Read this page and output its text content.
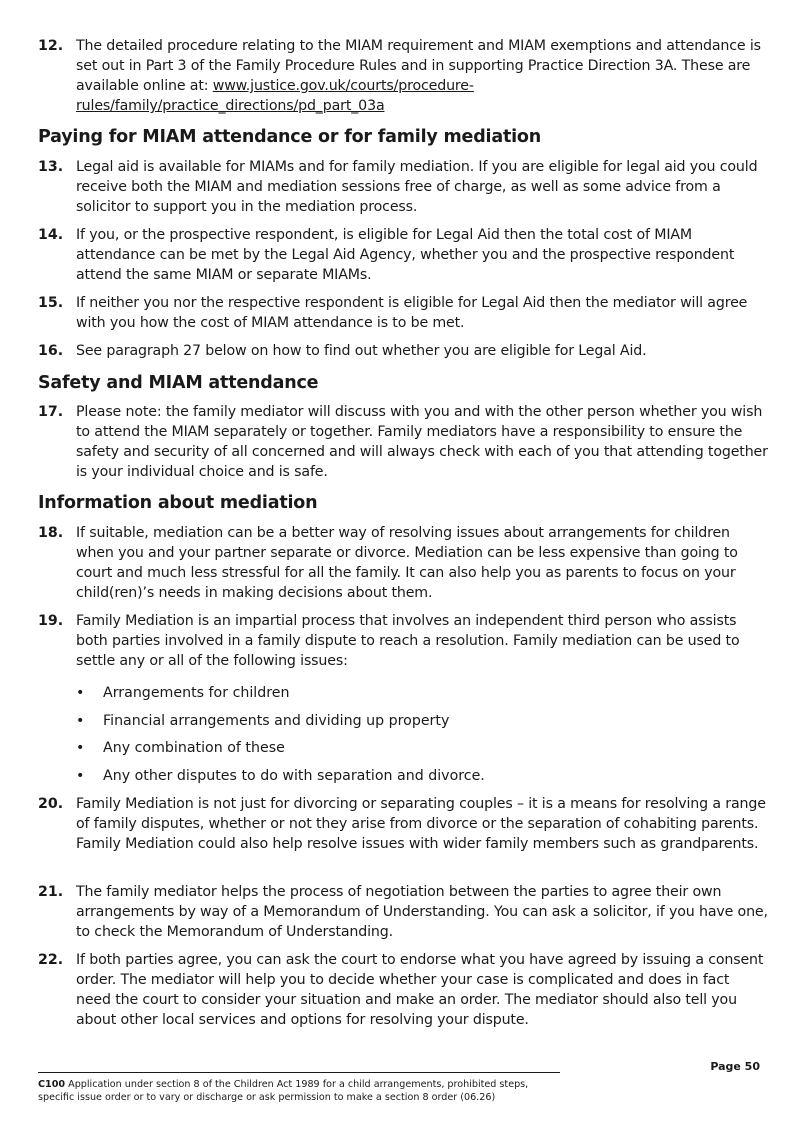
12. The detailed procedure relating to the MIAM requirement and MIAM exemptions and attendance is set out in Part 3 of the Family Procedure Rules and in supporting Practice Direction 3A. These are available online at: www.justice.gov.uk/courts/procedure-rules/family/practice_directions/pd_part_03a
Paying for MIAM attendance or for family mediation
13. Legal aid is available for MIAMs and for family mediation. If you are eligible for legal aid you could receive both the MIAM and mediation sessions free of charge, as well as some advice from a solicitor to support you in the mediation process.
14. If you, or the prospective respondent, is eligible for Legal Aid then the total cost of MIAM attendance can be met by the Legal Aid Agency, whether you and the prospective respondent attend the same MIAM or separate MIAMs.
15. If neither you nor the respective respondent is eligible for Legal Aid then the mediator will agree with you how the cost of MIAM attendance is to be met.
16. See paragraph 27 below on how to find out whether you are eligible for Legal Aid.
Safety and MIAM attendance
17. Please note: the family mediator will discuss with you and with the other person whether you wish to attend the MIAM separately or together. Family mediators have a responsibility to ensure the safety and security of all concerned and will always check with each of you that attending together is your individual choice and is safe.
Information about mediation
18. If suitable, mediation can be a better way of resolving issues about arrangements for children when you and your partner separate or divorce. Mediation can be less expensive than going to court and much less stressful for all the family. It can also help you as parents to focus on your child(ren)’s needs in making decisions about them.
19. Family Mediation is an impartial process that involves an independent third person who assists both parties involved in a family dispute to reach a resolution. Family mediation can be used to settle any or all of the following issues:
• Arrangements for children
• Financial arrangements and dividing up property
• Any combination of these
• Any other disputes to do with separation and divorce.
20. Family Mediation is not just for divorcing or separating couples – it is a means for resolving a range of family disputes, whether or not they arise from divorce or the separation of cohabiting parents. Family Mediation could also help resolve issues with wider family members such as grandparents.
21. The family mediator helps the process of negotiation between the parties to agree their own arrangements by way of a Memorandum of Understanding. You can ask a solicitor, if you have one, to check the Memorandum of Understanding.
22. If both parties agree, you can ask the court to endorse what you have agreed by issuing a consent order. The mediator will help you to decide whether your case is complicated and does in fact need the court to consider your situation and make an order. The mediator should also tell you about other local services and options for resolving your dispute.
Page 50
C100 Application under section 8 of the Children Act 1989 for a child arrangements, prohibited steps, specific issue order or to vary or discharge or ask permission to make a section 8 order (06.26)
